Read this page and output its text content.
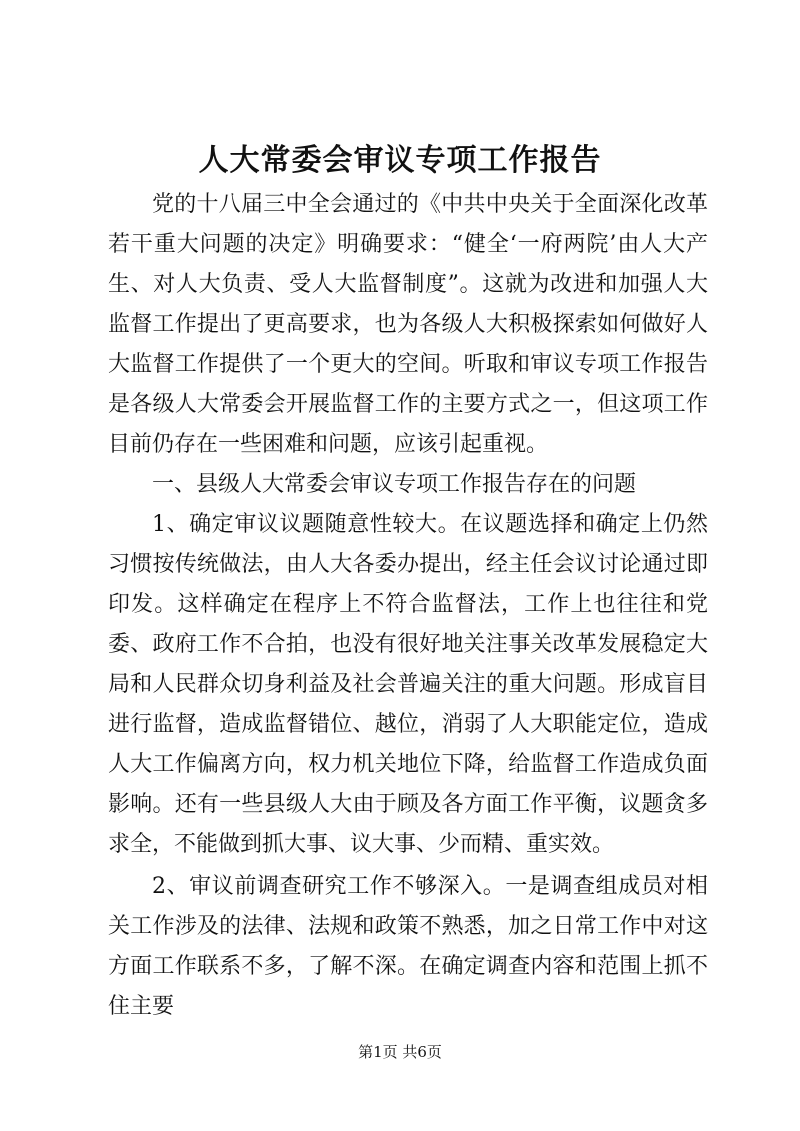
人大常委会审议专项工作报告

党的十八届三中全会通过的《中共中央关于全面深化改革若干重大问题的决定》明确要求：“健全‘一府两院’由人大产生、对人大负责、受人大监督制度”。这就为改进和加强人大监督工作提出了更高要求，也为各级人大积极探索如何做好人大监督工作提供了一个更大的空间。听取和审议专项工作报告是各级人大常委会开展监督工作的主要方式之一，但这项工作目前仍存在一些困难和问题，应该引起重视。

一、县级人大常委会审议专项工作报告存在的问题

1、确定审议议题随意性较大。在议题选择和确定上仍然习惯按传统做法，由人大各委办提出，经主任会议讨论通过即印发。这样确定在程序上不符合监督法，工作上也往往和党委、政府工作不合拍，也没有很好地关注事关改革发展稳定大局和人民群众切身利益及社会普遍关注的重大问题。形成盲目进行监督，造成监督错位、越位，消弱了人大职能定位，造成人大工作偏离方向，权力机关地位下降，给监督工作造成负面影响。还有一些县级人大由于顾及各方面工作平衡，议题贪多求全，不能做到抓大事、议大事、少而精、重实效。

2、审议前调查研究工作不够深入。一是调查组成员对相关工作涉及的法律、法规和政策不熟悉，加之日常工作中对这方面工作联系不多，了解不深。在确定调查内容和范围上抓不住主要

第1页 共6页
